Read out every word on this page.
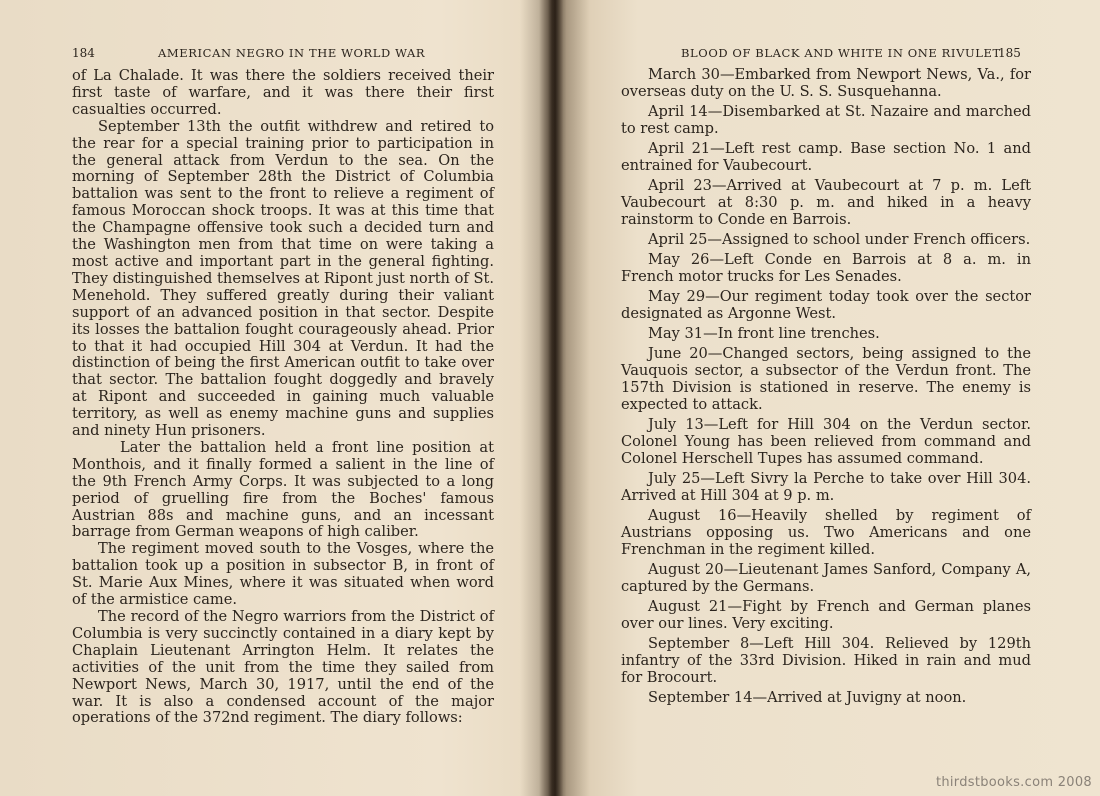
184	AMERICAN NEGRO IN THE WORLD WAR

of La Chalade. It was there the soldiers received their first taste of warfare, and it was there their first casualties occurred.

September 13th the outfit withdrew and retired to the rear for a special training prior to participation in the general attack from Verdun to the sea. On the morning of September 28th the District of Columbia battalion was sent to the front to relieve a regiment of famous Moroccan shock troops. It was at this time that the Champagne offensive took such a decided turn and the Washington men from that time on were taking a most active and important part in the general fighting. They distinguished themselves at Ripont just north of St. Menehold. They suffered greatly during their valiant support of an advanced position in that sector. Despite its losses the battalion fought courageously ahead. Prior to that it had occupied Hill 304 at Verdun. It had the distinction of being the first American outfit to take over that sector. The battalion fought doggedly and bravely at Ripont and succeeded in gaining much valuable territory, as well as enemy machine guns and supplies and ninety Hun prisoners.

Later the battalion held a front line position at Monthois, and it finally formed a salient in the line of the 9th French Army Corps. It was subjected to a long period of gruelling fire from the Boches' famous Austrian 88s and machine guns, and an incessant barrage from German weapons of high caliber.

The regiment moved south to the Vosges, where the battalion took up a position in subsector B, in front of St. Marie Aux Mines, where it was situated when word of the armistice came.

The record of the Negro warriors from the District of Columbia is very succinctly contained in a diary kept by Chaplain Lieutenant Arrington Helm. It relates the activities of the unit from the time they sailed from Newport News, March 30, 1917, until the end of the war. It is also a condensed account of the major operations of the 372nd regiment. The diary follows:

BLOOD OF BLACK AND WHITE IN ONE RIVULET
185

March 30—Embarked from Newport News, Va., for overseas duty on the U. S. S. Susquehanna.

April 14—Disembarked at St. Nazaire and marched to rest camp.

April 21—Left rest camp. Base section No. 1 and entrained for Vaubecourt.

April 23—Arrived at Vaubecourt at 7 p. m. Left Vaubecourt at 8:30 p. m. and hiked in a heavy rainstorm to Conde en Barrois.

April 25—Assigned to school under French officers.

May 26—Left Conde en Barrois at 8 a. m. in French motor trucks for Les Senades.

May 29—Our regiment today took over the sector designated as Argonne West.

May 31—In front line trenches.

June 20—Changed sectors, being assigned to the Vauquois sector, a subsector of the Verdun front. The 157th Division is stationed in reserve. The enemy is expected to attack.

July 13—Left for Hill 304 on the Verdun sector. Colonel Young has been relieved from command and Colonel Herschell Tupes has assumed command.

July 25—Left Sivry la Perche to take over Hill 304. Arrived at Hill 304 at 9 p. m.

August 16—Heavily shelled by regiment of Austrians opposing us. Two Americans and one Frenchman in the regiment killed.

August 20—Lieutenant James Sanford, Company A, captured by the Germans.

August 21—Fight by French and German planes over our lines. Very exciting.

September 8—Left Hill 304. Relieved by 129th infantry of the 33rd Division. Hiked in rain and mud for Brocourt.

September 14—Arrived at Juvigny at noon.

thirdstbooks.com 2008
